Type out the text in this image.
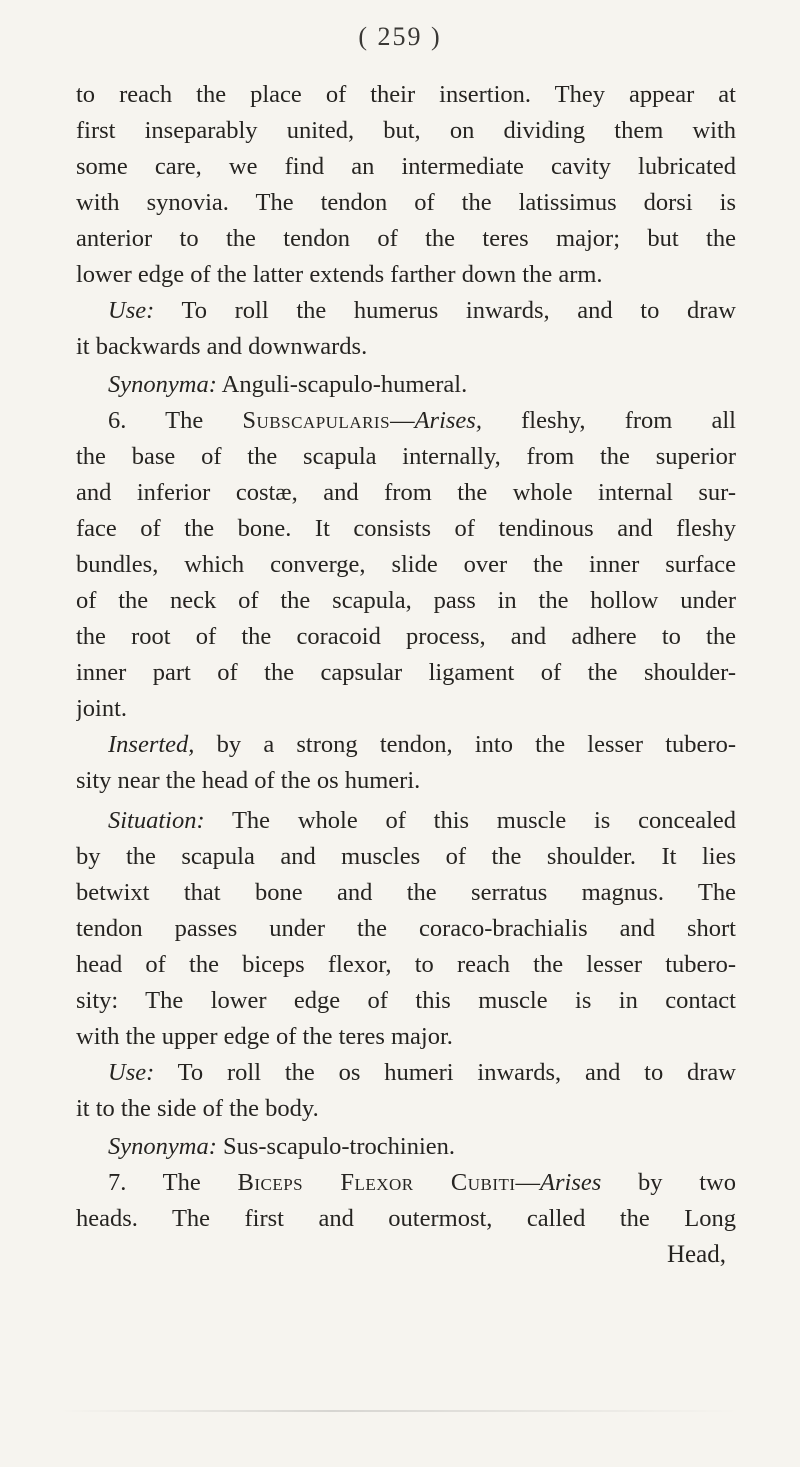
( 259 )
to reach the place of their insertion. They appear at
first inseparably united, but, on dividing them with
some care, we find an intermediate cavity lubricated
with synovia. The tendon of the latissimus dorsi is
anterior to the tendon of the teres major; but the
lower edge of the latter extends farther down the arm.
Use: To roll the humerus inwards, and to draw
it backwards and downwards.
Synonyma: Anguli-scapulo-humeral.
6. The Subscapularis—Arises, fleshy, from all
the base of the scapula internally, from the superior
and inferior costæ, and from the whole internal sur-
face of the bone. It consists of tendinous and fleshy
bundles, which converge, slide over the inner surface
of the neck of the scapula, pass in the hollow under
the root of the coracoid process, and adhere to the
inner part of the capsular ligament of the shoulder-
joint.
Inserted, by a strong tendon, into the lesser tubero-
sity near the head of the os humeri.
Situation: The whole of this muscle is concealed
by the scapula and muscles of the shoulder. It lies
betwixt that bone and the serratus magnus. The
tendon passes under the coraco-brachialis and short
head of the biceps flexor, to reach the lesser tubero-
sity: The lower edge of this muscle is in contact
with the upper edge of the teres major.
Use: To roll the os humeri inwards, and to draw
it to the side of the body.
Synonyma: Sus-scapulo-trochinien.
7. The Biceps Flexor Cubiti—Arises by two
heads. The first and outermost, called the Long
Head,
